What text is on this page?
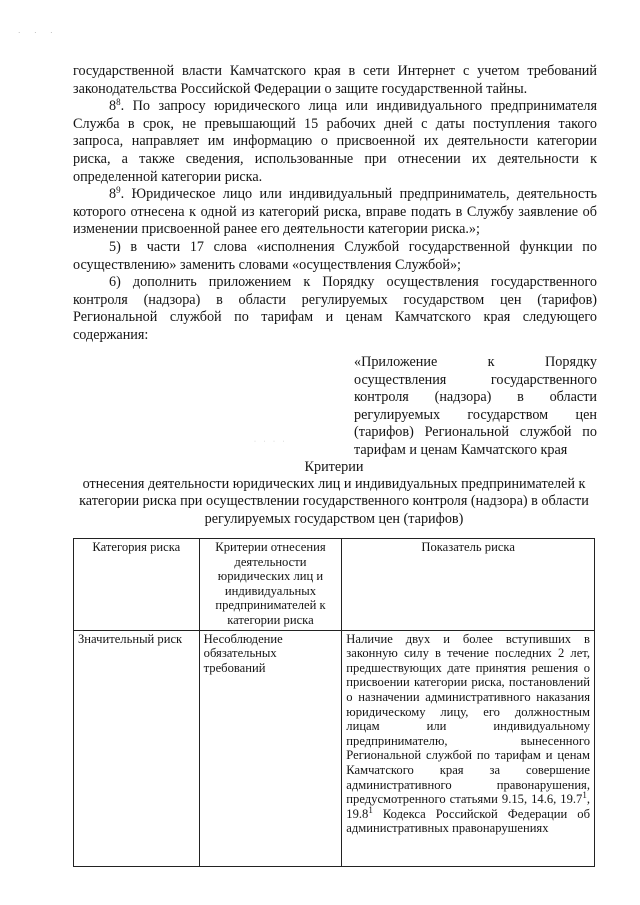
· · ·

государственной власти Камчатского края в сети Интернет с учетом требований законодательства Российской Федерации о защите государственной тайны.

$8^8$. По запросу юридического лица или индивидуального предпринимателя Служба в срок, не превышающий 15 рабочих дней с даты поступления такого запроса, направляет им информацию о присвоенной их деятельности категории риска, а также сведения, использованные при отнесении их деятельности к определенной категории риска.

$8^9$. Юридическое лицо или индивидуальный предприниматель, деятельность которого отнесена к одной из категорий риска, вправе подать в Службу заявление об изменении присвоенной ранее его деятельности категории риска.»;

5) в части 17 слова «исполнения Службой государственной функции по осуществлению» заменить словами «осуществления Службой»;

6) дополнить приложением к Порядку осуществления государственного контроля (надзора) в области регулируемых государством цен (тарифов) Региональной службой по тарифам и ценам Камчатского края следующего содержания:

«Приложение к Порядку осуществления государственного контроля (надзора) в области регулируемых государством цен (тарифов) Региональной службой по тарифам и ценам Камчатского края
· · · ·

Критерии

отнесения деятельности юридических лиц и индивидуальных предпринимателей к категории риска при осуществлении государственного контроля (надзора) в области регулируемых государством цен (тарифов)

Категория риска	Критерии отнесения деятельности юридических лиц и индивидуальных предпринимателей к категории риска	Показатель риска
Значительный риск	Несоблюдение обязательных требований	Наличие двух и более вступивших в законную силу в течение последних 2 лет, предшествующих дате принятия решения о присвоении категории риска, постановлений о назначении административного наказания юридическому лицу, его должностным лицам или индивидуальному предпринимателю, вынесенного Региональной службой по тарифам и ценам Камчатского края за совершение административного правонарушения, предусмотренного статьями 9.15, 14.6, 19.7$^1$, 19.8$^1$ Кодекса Российской Федерации об административных правонарушениях
